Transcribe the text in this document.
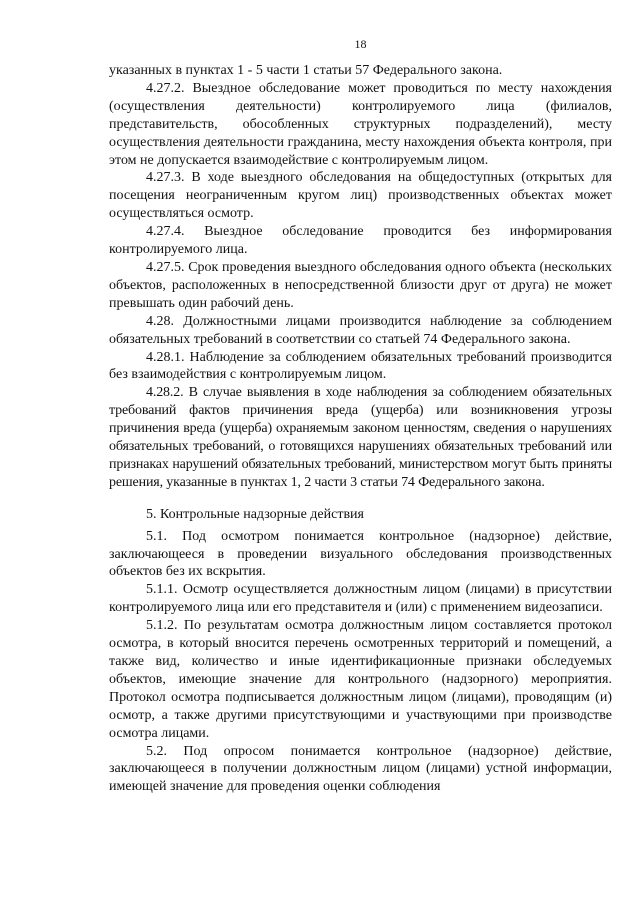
18

указанных в пунктах 1 - 5 части 1 статьи 57 Федерального закона.

4.27.2. Выездное обследование может проводиться по месту нахождения (осуществления деятельности) контролируемого лица (филиалов, представительств, обособленных структурных подразделений), месту осуществления деятельности гражданина, месту нахождения объекта контроля, при этом не допускается взаимодействие с контролируемым лицом.

4.27.3. В ходе выездного обследования на общедоступных (открытых для посещения неограниченным кругом лиц) производственных объектах может осуществляться осмотр.

4.27.4. Выездное обследование проводится без информирования контролируемого лица.

4.27.5. Срок проведения выездного обследования одного объекта (нескольких объектов, расположенных в непосредственной близости друг от друга) не может превышать один рабочий день.

4.28. Должностными лицами производится наблюдение за соблюдением обязательных требований в соответствии со статьей 74 Федерального закона.

4.28.1. Наблюдение за соблюдением обязательных требований производится без взаимодействия с контролируемым лицом.

4.28.2. В случае выявления в ходе наблюдения за соблюдением обязательных требований фактов причинения вреда (ущерба) или возникновения угрозы причинения вреда (ущерба) охраняемым законом ценностям, сведения о нарушениях обязательных требований, о готовящихся нарушениях обязательных требований или признаках нарушений обязательных требований, министерством могут быть приняты решения, указанные в пунктах 1, 2 части 3 статьи 74 Федерального закона.

5. Контрольные надзорные действия

5.1. Под осмотром понимается контрольное (надзорное) действие, заключающееся в проведении визуального обследования производственных объектов без их вскрытия.

5.1.1. Осмотр осуществляется должностным лицом (лицами) в присутствии контролируемого лица или его представителя и (или) с применением видеозаписи.

5.1.2. По результатам осмотра должностным лицом составляется протокол осмотра, в который вносится перечень осмотренных территорий и помещений, а также вид, количество и иные идентификационные признаки обследуемых объектов, имеющие значение для контрольного (надзорного) мероприятия. Протокол осмотра подписывается должностным лицом (лицами), проводящим (и) осмотр, а также другими присутствующими и участвующими при производстве осмотра лицами.

5.2. Под опросом понимается контрольное (надзорное) действие, заключающееся в получении должностным лицом (лицами) устной информации, имеющей значение для проведения оценки соблюдения
